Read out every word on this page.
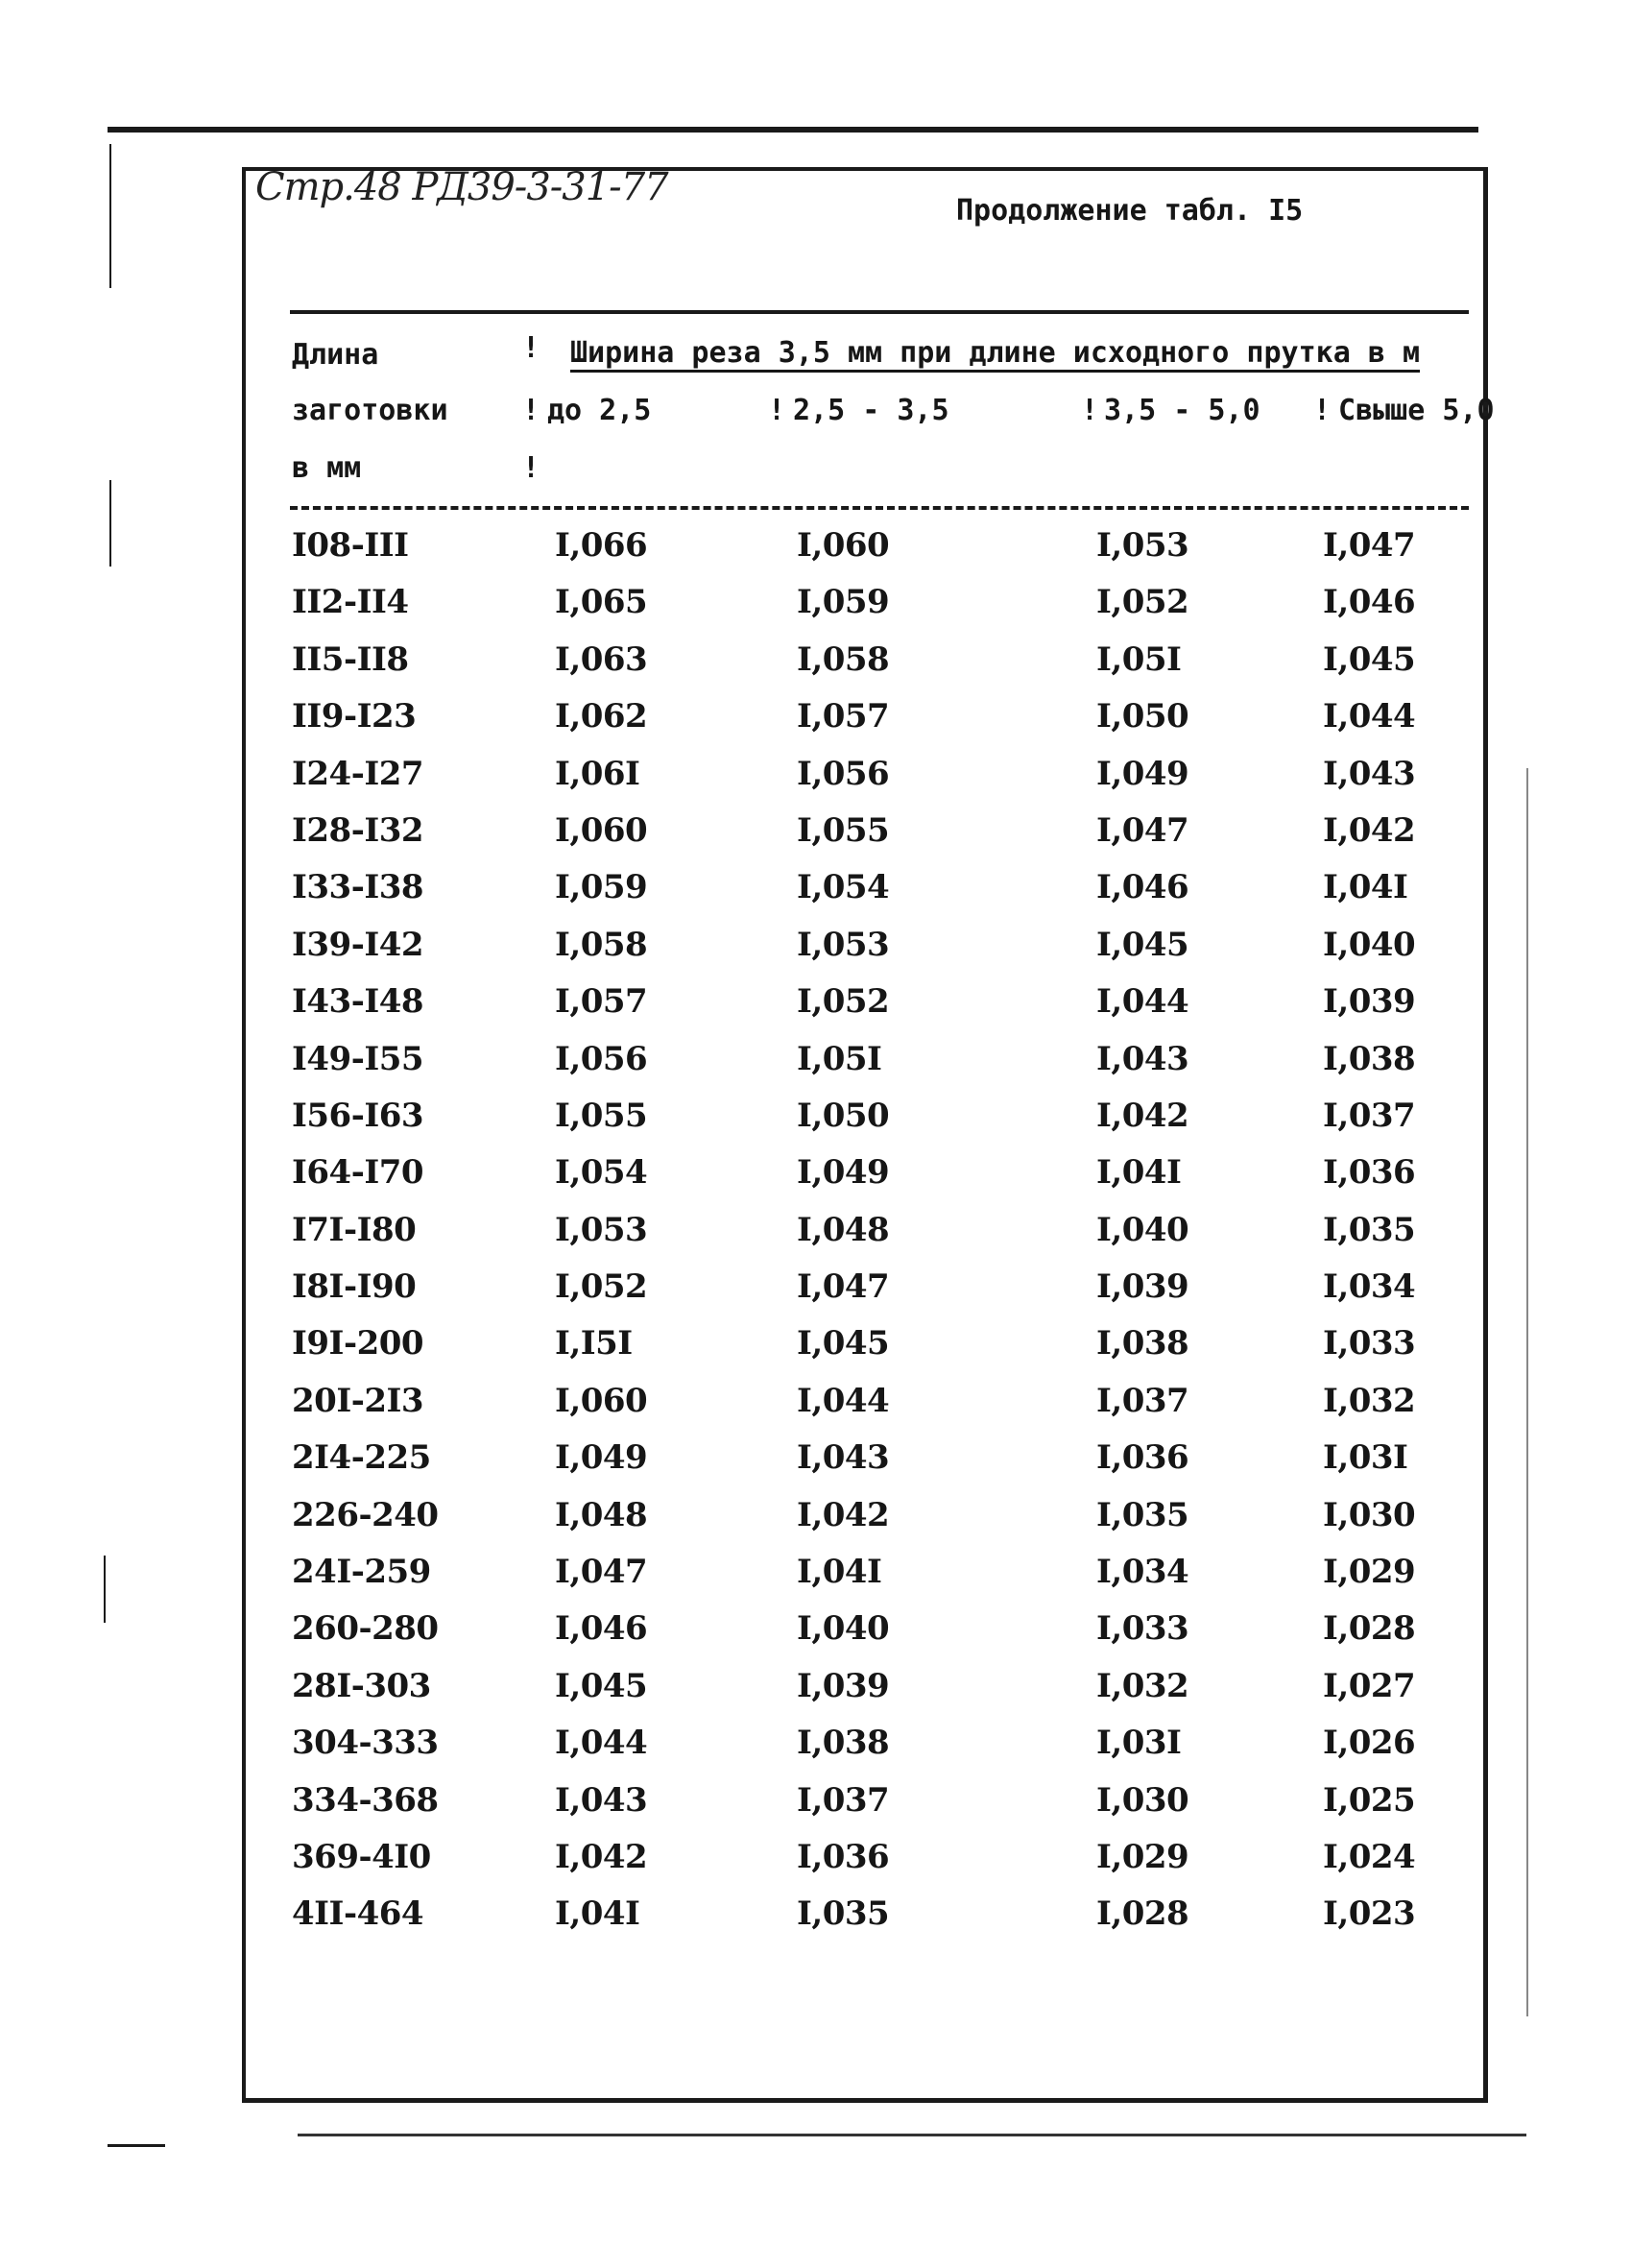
Стр.48 РД39-3-31-77
Продолжение табл. I5
Длина
заготовки
в мм
!
!
!
!	!	!
Ширина реза 3,5 мм при длине исходного прутка в м
до 2,5	2,5 - 3,5	3,5 - 5,0	Свыше 5,0
I08-III	I,066	I,060	I,053	I,047
II2-II4	I,065	I,059	I,052	I,046
II5-II8	I,063	I,058	I,05I	I,045
II9-I23	I,062	I,057	I,050	I,044
I24-I27	I,06I	I,056	I,049	I,043
I28-I32	I,060	I,055	I,047	I,042
I33-I38	I,059	I,054	I,046	I,04I
I39-I42	I,058	I,053	I,045	I,040
I43-I48	I,057	I,052	I,044	I,039
I49-I55	I,056	I,05I	I,043	I,038
I56-I63	I,055	I,050	I,042	I,037
I64-I70	I,054	I,049	I,04I	I,036
I7I-I80	I,053	I,048	I,040	I,035
I8I-I90	I,052	I,047	I,039	I,034
I9I-200	I,I5I	I,045	I,038	I,033
20I-2I3	I,060	I,044	I,037	I,032
2I4-225	I,049	I,043	I,036	I,03I
226-240	I,048	I,042	I,035	I,030
24I-259	I,047	I,04I	I,034	I,029
260-280	I,046	I,040	I,033	I,028
28I-303	I,045	I,039	I,032	I,027
304-333	I,044	I,038	I,03I	I,026
334-368	I,043	I,037	I,030	I,025
369-4I0	I,042	I,036	I,029	I,024
4II-464	I,04I	I,035	I,028	I,023
